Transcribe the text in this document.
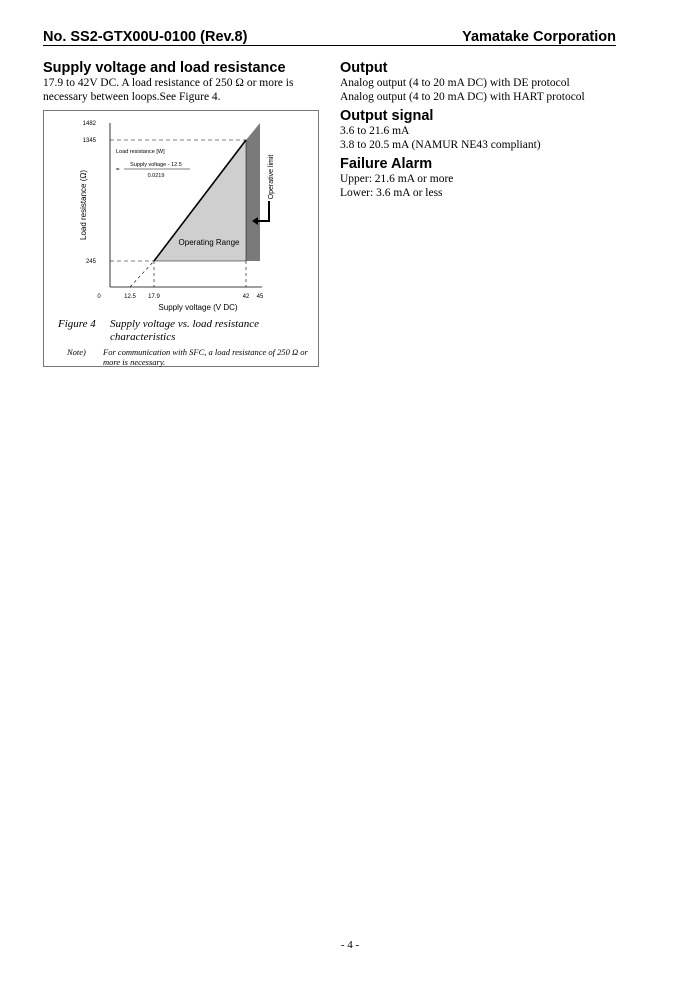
No. SS2-GTX00U-0100 (Rev.8)	Yamatake Corporation
Supply voltage and load resistance

17.9 to 42V DC. A load resistance of 250 Ω or more is

necessary between loops.See Figure 4.

1482
1345
245
0	12.5 17.9	42 45
Supply voltage (V DC)
Load resistance (Ω)
Load resistance [W]
=
Supply voltage - 12.5
0.0219
Operating Range
Operative limit
Figure 4 Supply voltage vs. load resistance characteristics
Note) For communication with SFC, a load resistance of 250 Ω or more is necessary.
Output

Analog output (4 to 20 mA DC) with DE protocol

Analog output (4 to 20 mA DC) with HART protocol

Output signal

3.6 to 21.6 mA

3.8 to 20.5 mA (NAMUR NE43 compliant)

Failure Alarm

Upper: 21.6 mA or more

Lower: 3.6 mA or less

- 4 -
